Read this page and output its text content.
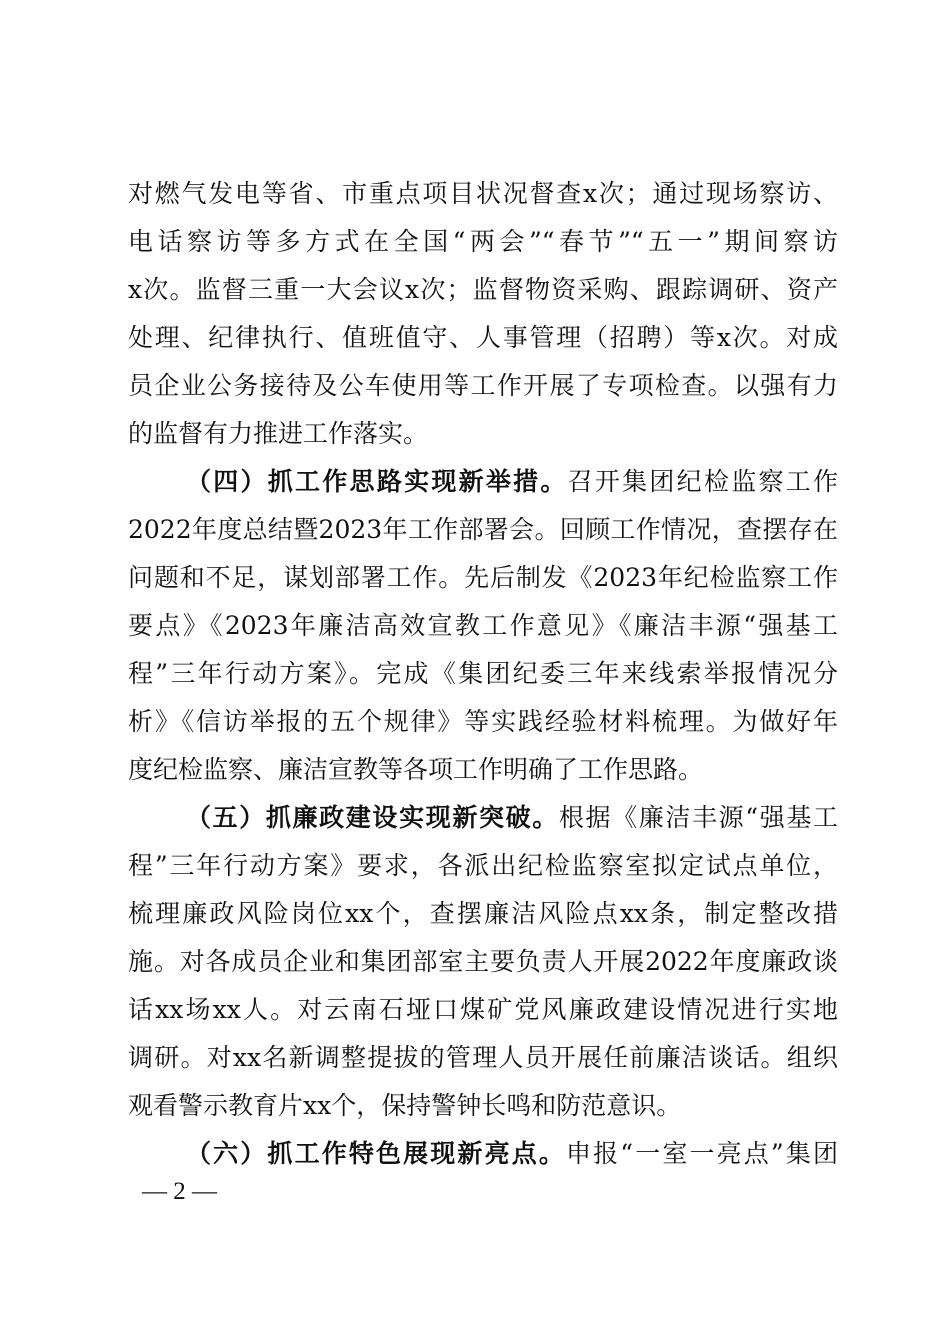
对燃气发电等省、市重点项目状况督查x次；通过现场察访、
电话察访等多方式在全国“两会”“春节”“五一”期间察访
x次。监督三重一大会议x次；监督物资采购、跟踪调研、资产
处理、纪律执行、值班值守、人事管理（招聘）等x次。对成
员企业公务接待及公车使用等工作开展了专项检查。以强有力
的监督有力推进工作落实。
（四）抓工作思路实现新举措。召开集团纪检监察工作
2022年度总结暨2023年工作部署会。回顾工作情况，查摆存在
问题和不足，谋划部署工作。先后制发《2023年纪检监察工作
要点》《2023年廉洁高效宣教工作意见》《廉洁丰源“强基工
程”三年行动方案》。完成《集团纪委三年来线索举报情况分
析》《信访举报的五个规律》等实践经验材料梳理。为做好年
度纪检监察、廉洁宣教等各项工作明确了工作思路。
（五）抓廉政建设实现新突破。根据《廉洁丰源“强基工
程”三年行动方案》要求，各派出纪检监察室拟定试点单位，
梳理廉政风险岗位xx个，查摆廉洁风险点xx条，制定整改措
施。对各成员企业和集团部室主要负责人开展2022年度廉政谈
话xx场xx人。对云南石垭口煤矿党风廉政建设情况进行实地
调研。对xx名新调整提拔的管理人员开展任前廉洁谈话。组织
观看警示教育片xx个，保持警钟长鸣和防范意识。
（六）抓工作特色展现新亮点。申报“一室一亮点”集团
— 2 —
